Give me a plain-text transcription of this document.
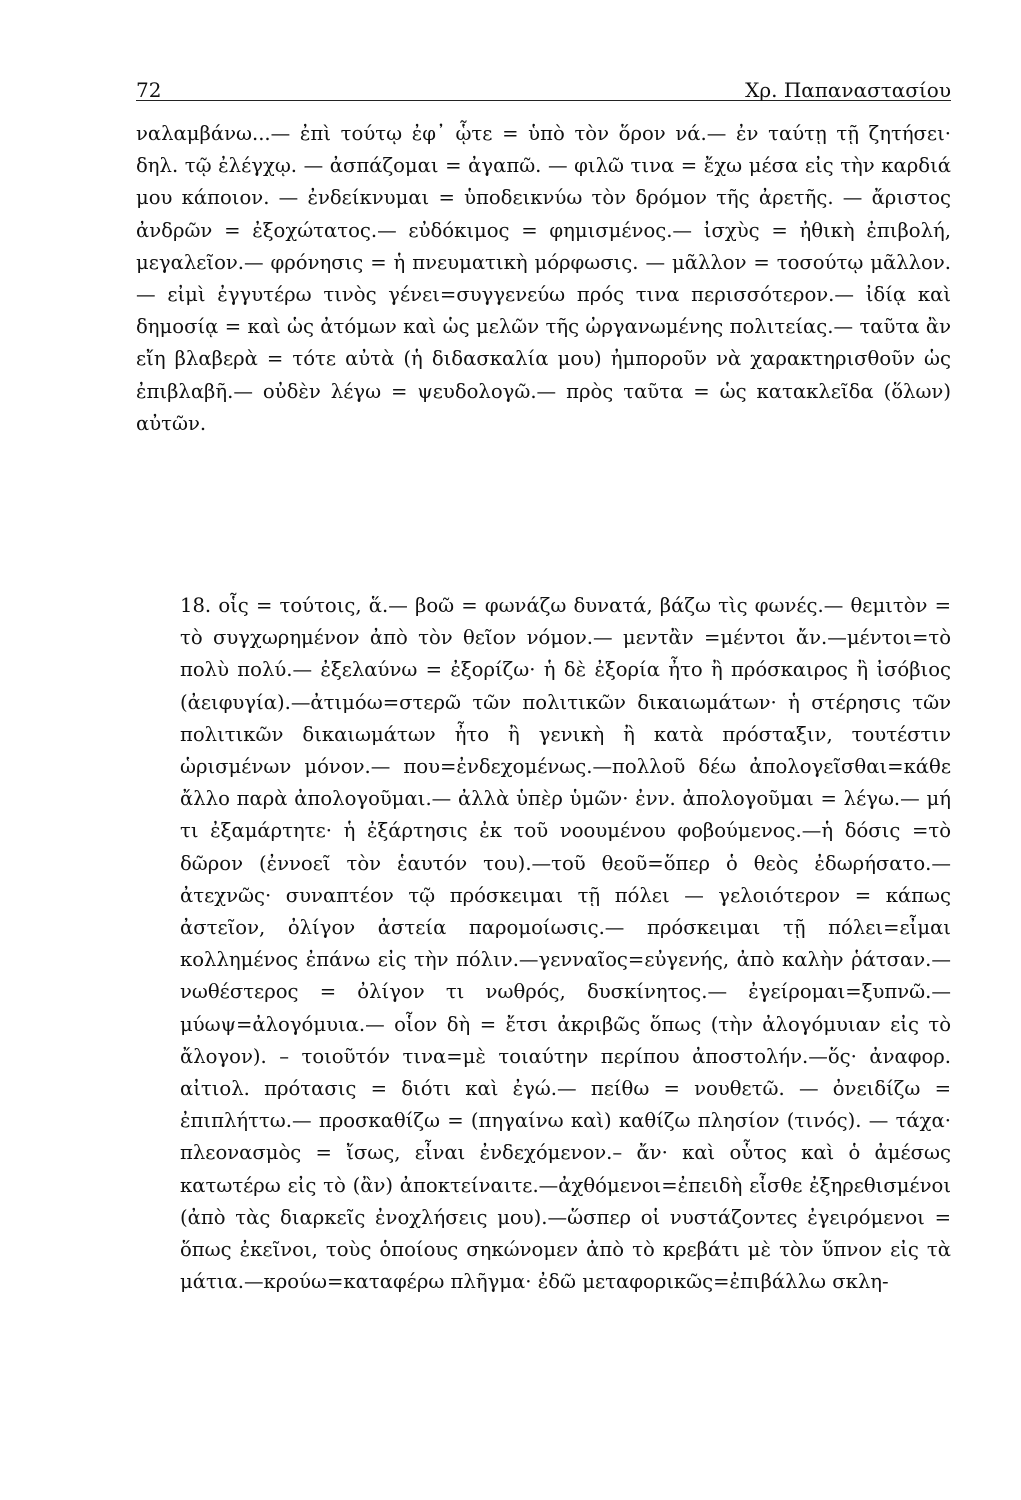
72	Χρ. Παπαναστασίου
ναλαμβάνω...— ἐπὶ τούτῳ ἐφ᾽ ᾧτε = ὑπὸ τὸν ὅρον νά.— ἐν ταύτῃ τῇ ζητήσει· δηλ. τῷ ἐλέγχῳ. — ἀσπάζομαι = ἀγαπῶ. — φιλῶ τινα = ἔχω μέσα εἰς τὴν καρδιά μου κάποιον. — ἐνδείκνυμαι = ὑποδεικνύω τὸν δρόμον τῆς ἀρετῆς. — ἄριστος ἀνδρῶν = ἐξοχώτατος.— εὐδόκιμος = φημισμένος.— ἰσχὺς = ἠθικὴ ἐπιβολή, μεγαλεῖον.— φρόνησις = ἡ πνευματικὴ μόρφωσις. — μᾶλλον = τοσούτῳ μᾶλλον.— εἰμὶ ἐγγυτέρω τινὸς γένει=συγγενεύω πρός τινα περισσότερον.— ἰδίᾳ καὶ δημοσίᾳ = καὶ ὡς ἀτόμων καὶ ὡς μελῶν τῆς ὠργανωμένης πολιτείας.— ταῦτα ἂν εἴη βλαβερὰ = τότε αὐτὰ (ἡ διδασκαλία μου) ἠμποροῦν νὰ χαρακτηρισθοῦν ὡς ἐπιβλαβῆ.— οὐδὲν λέγω = ψευδολογῶ.— πρὸς ταῦτα = ὡς κατακλεῖδα (ὅλων) αὐτῶν.
18. οἷς = τούτοις, ἅ.— βοῶ = φωνάζω δυνατά, βάζω τὶς φωνές.— θεμιτὸν = τὸ συγχωρημένον ἀπὸ τὸν θεῖον νόμον.— μεντἂν =μέντοι ἄν.—μέντοι=τὸ πολὺ πολύ.— ἐξελαύνω = ἐξορίζω· ἡ δὲ ἐξορία ἦτο ἢ πρόσκαιρος ἢ ἰσόβιος (ἀειφυγία).—ἀτιμόω=στερῶ τῶν πολιτικῶν δικαιωμάτων· ἡ στέρησις τῶν πολιτικῶν δικαιωμάτων ἦτο ἢ γενικὴ ἢ κατὰ πρόσταξιν, τουτέστιν ὡρισμένων μόνον.— που=ἐνδεχομένως.—πολλοῦ δέω ἀπολογεῖσθαι=κάθε ἄλλο παρὰ ἀπολογοῦμαι.— ἀλλὰ ὑπὲρ ὑμῶν· ἐνν. ἀπολογοῦμαι = λέγω.— μή τι ἐξαμάρτητε· ἡ ἐξάρτησις ἐκ τοῦ νοουμένου φοβούμενος.—ἡ δόσις =τὸ δῶρον (ἐννοεῖ τὸν ἑαυτόν του).—τοῦ θεοῦ=ὅπερ ὁ θεὸς ἐδωρήσατο.—ἀτεχνῶς· συναπτέον τῷ πρόσκειμαι τῇ πόλει — γελοιότερον = κάπως ἀστεῖον, ὀλίγον ἀστεία παρομοίωσις.— πρόσκειμαι τῇ πόλει=εἶμαι κολλημένος ἐπάνω εἰς τὴν πόλιν.—γενναῖος=εὐγενής, ἀπὸ καλὴν ῥάτσαν.—νωθέστερος = ὀλίγον τι νωθρός, δυσκίνητος.— ἐγείρομαι=ξυπνῶ.— μύωψ=ἀλογόμυια.— οἷον δὴ = ἔτσι ἀκριβῶς ὅπως (τὴν ἀλογόμυιαν εἰς τὸ ἄλογον). – τοιοῦτόν τινα=μὲ τοιαύτην περίπου ἀποστολήν.—ὅς· ἀναφορ. αἰτιολ. πρότασις = διότι καὶ ἐγώ.— πείθω = νουθετῶ. — ὀνειδίζω = ἐπιπλήττω.— προσκαθίζω = (πηγαίνω καὶ) καθίζω πλησίον (τινός). — τάχα· πλεονασμὸς = ἴσως, εἶναι ἐνδεχόμενον.– ἄν· καὶ οὗτος καὶ ὁ ἀμέσως κατωτέρω εἰς τὸ (ἂν) ἀποκτείναιτε.—ἀχθόμενοι=ἐπειδὴ εἶσθε ἐξηρεθισμένοι (ἀπὸ τὰς διαρκεῖς ἐνοχλήσεις μου).—ὥσπερ οἱ νυστάζοντες ἐγειρόμενοι = ὅπως ἐκεῖνοι, τοὺς ὁποίους σηκώνομεν ἀπὸ τὸ κρεβάτι μὲ τὸν ὕπνον εἰς τὰ μάτια.—κρούω=καταφέρω πλῆγμα· ἐδῶ μεταφορικῶς=ἐπιβάλλω σκλη-
